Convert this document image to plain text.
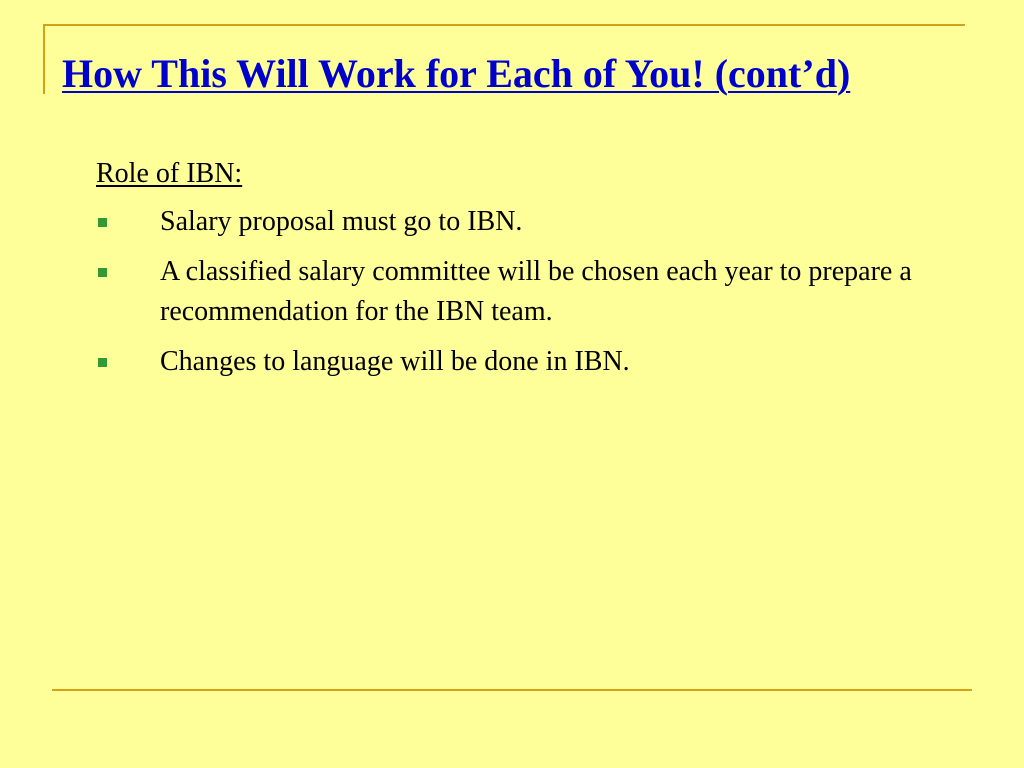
How This Will Work for Each of You! (cont’d)

Role of IBN:

Salary proposal must go to IBN.
A classified salary committee will be chosen each year to prepare a recommendation for the IBN team.
Changes to language will be done in IBN.
